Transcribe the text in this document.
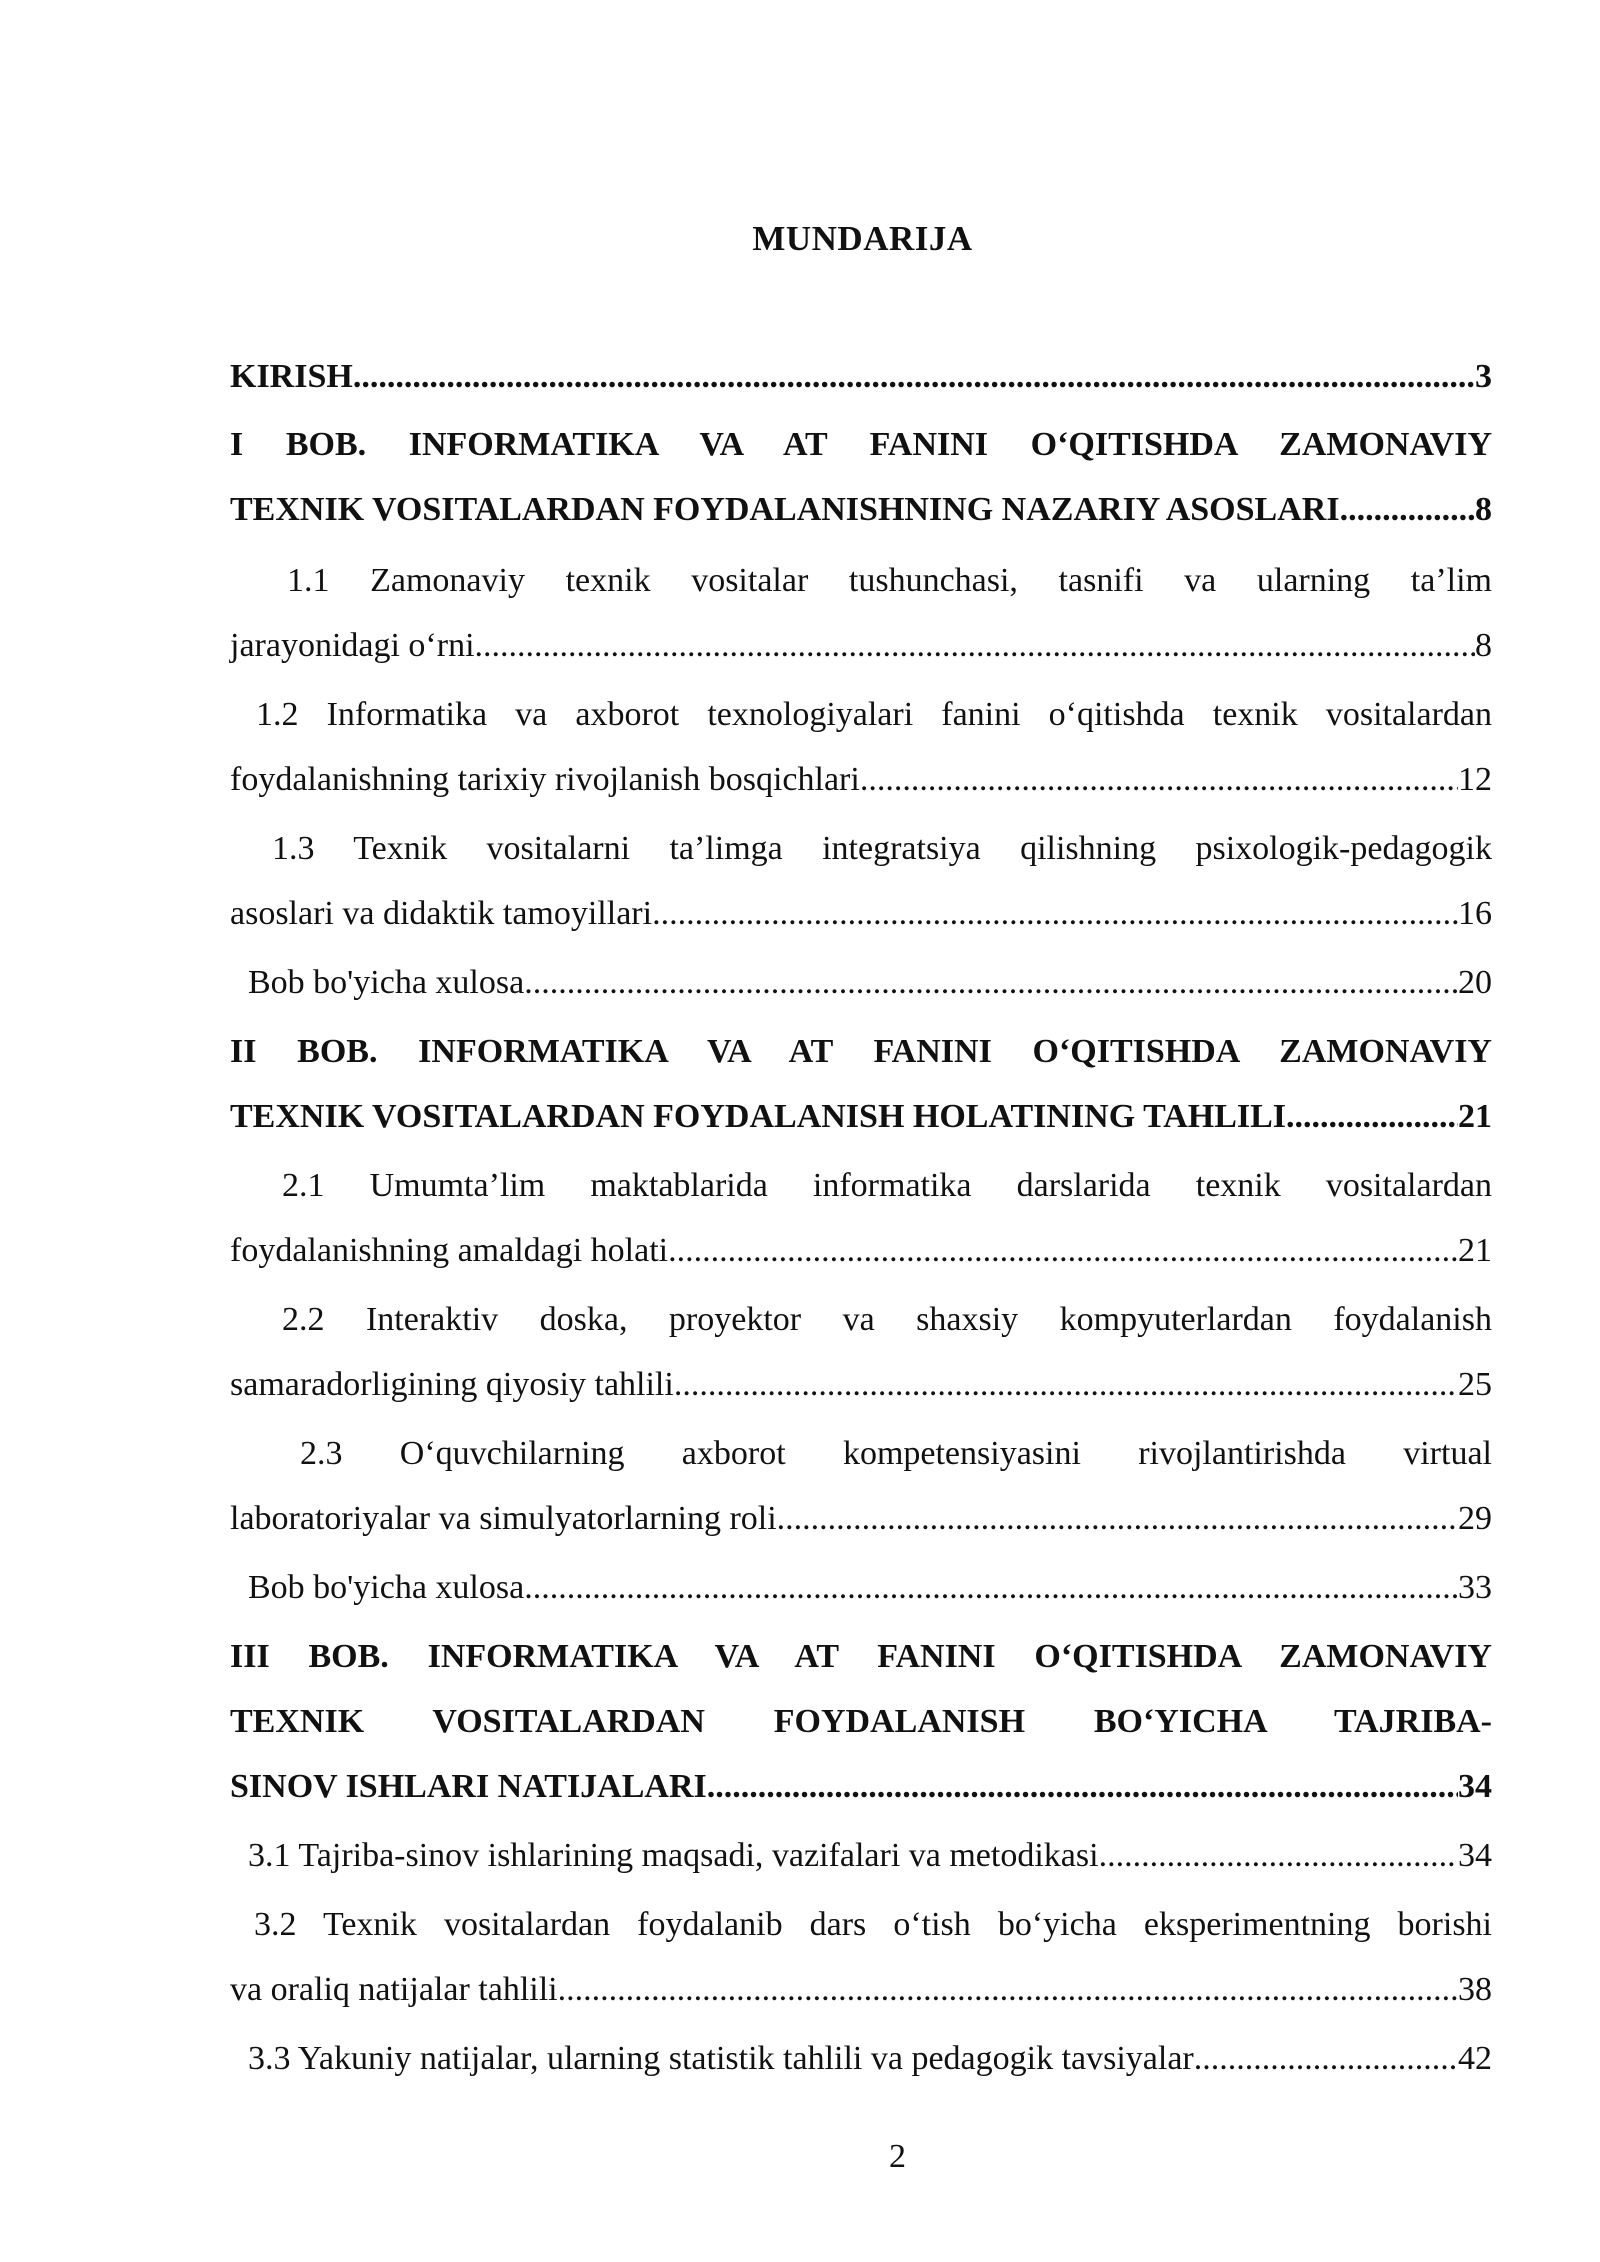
MUNDARIJA
KIRISH .....	3
I BOB. INFORMATIKA VA AT FANINI O‘QITISHDA ZAMONAVIY
TEXNIK VOSITALARDAN FOYDALANISHNING NAZARIY ASOSLARI .....	8
1.1 Zamonaviy texnik vositalar tushunchasi, tasnifi va ularning ta’lim
jarayonidagi o‘rni .....	8
1.2 Informatika va axborot texnologiyalari fanini o‘qitishda texnik vositalardan
foydalanishning tarixiy rivojlanish bosqichlari .....	12
1.3 Texnik vositalarni ta’limga integratsiya qilishning psixologik-pedagogik
asoslari va didaktik tamoyillari .....	16
Bob bo'yicha xulosa .....	20
II BOB. INFORMATIKA VA AT FANINI O‘QITISHDA ZAMONAVIY
TEXNIK VOSITALARDAN FOYDALANISH HOLATINING TAHLILI .....	21
2.1 Umumta’lim maktablarida informatika darslarida texnik vositalardan
foydalanishning amaldagi holati .....	21
2.2 Interaktiv doska, proyektor va shaxsiy kompyuterlardan foydalanish
samaradorligining qiyosiy tahlili .....	25
2.3 O‘quvchilarning axborot kompetensiyasini rivojlantirishda virtual
laboratoriyalar va simulyatorlarning roli .....	29
Bob bo'yicha xulosa .....	33
III BOB. INFORMATIKA VA AT FANINI O‘QITISHDA ZAMONAVIY
TEXNIK VOSITALARDAN FOYDALANISH BO‘YICHA TAJRIBA-
SINOV ISHLARI NATIJALARI .....	34
3.1 Tajriba-sinov ishlarining maqsadi, vazifalari va metodikasi .....	34
3.2 Texnik vositalardan foydalanib dars o‘tish bo‘yicha eksperimentning borishi
va oraliq natijalar tahlili .....	38
3.3 Yakuniy natijalar, ularning statistik tahlili va pedagogik tavsiyalar .....	42
2
